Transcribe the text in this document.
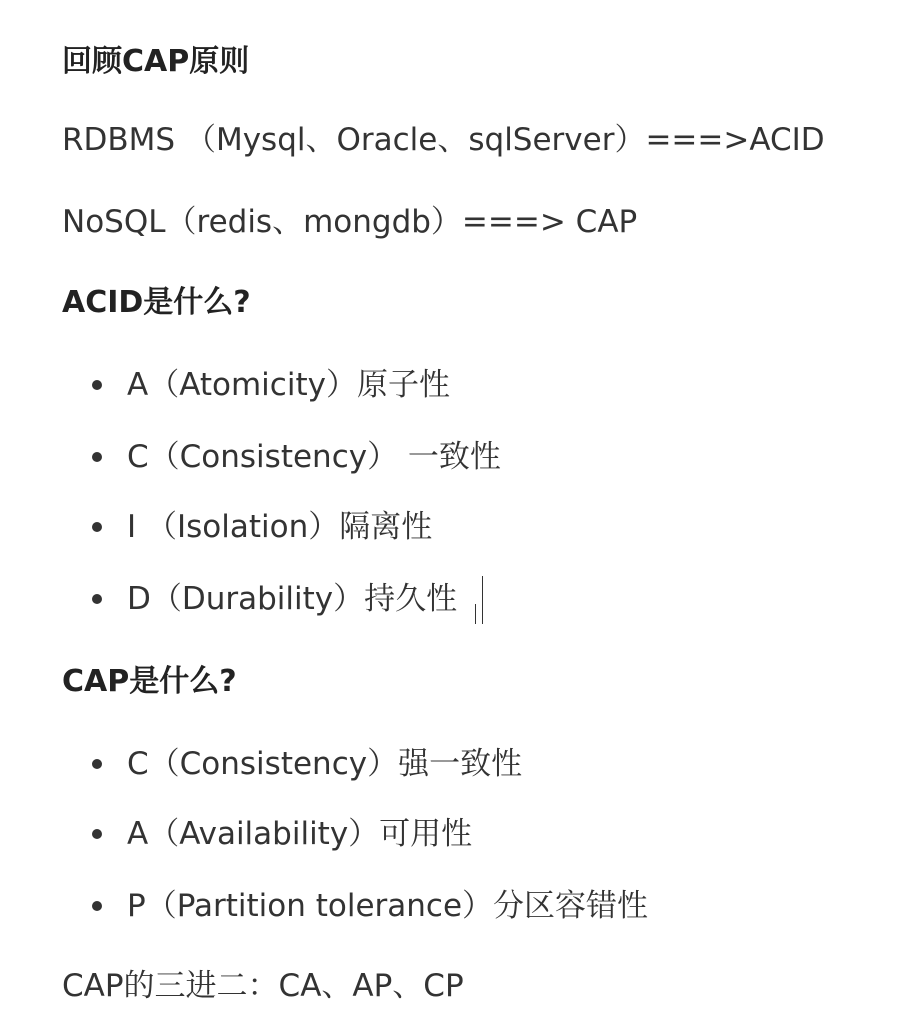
回顾CAP原则
RDBMS （Mysql、Oracle、sqlServer）===>ACID
NoSQL（redis、mongdb）===> CAP
ACID是什么?
A（Atomicity）原子性
C（Consistency） 一致性
I （Isolation）隔离性
D（Durability）持久性
CAP是什么?
C（Consistency）强一致性
A（Availability）可用性
P（Partition tolerance）分区容错性
CAP的三进二：CA、AP、CP
